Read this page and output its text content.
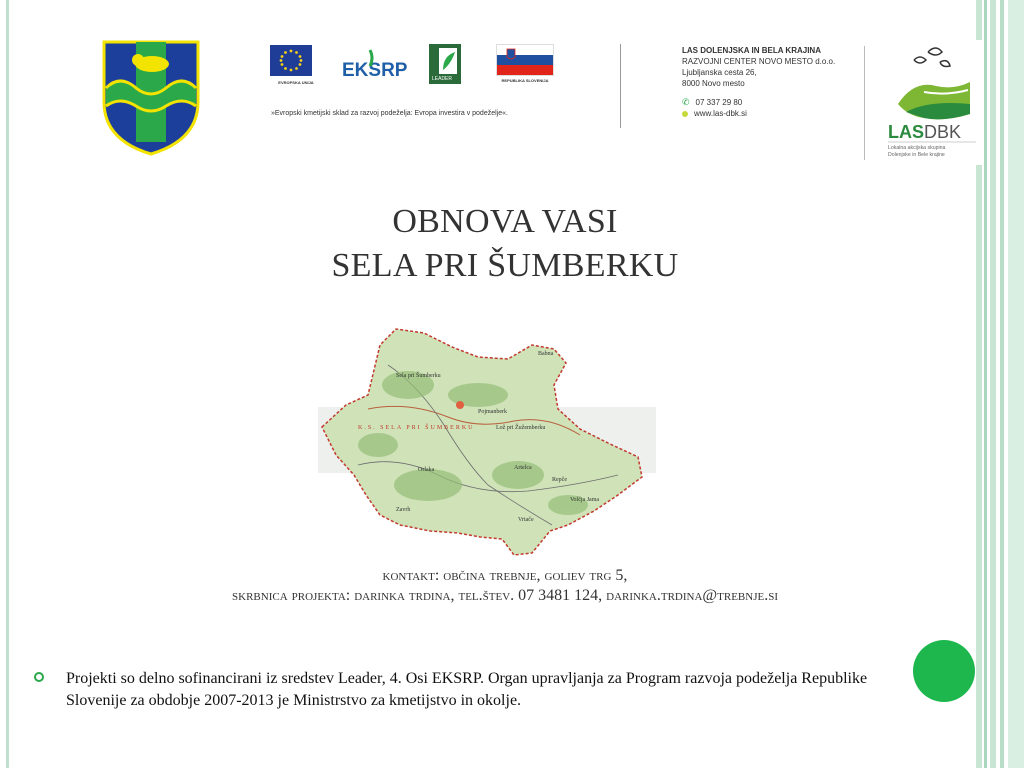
EVROPSKA UNIJA
EKSRP	LEADER	REPUBLIKA SLOVENIJA
»Evropski kmetijski sklad za razvoj podeželja: Evropa investira v podeželje«.
LAS DOLENJSKA IN BELA KRAJINA
RAZVOJNI CENTER NOVO MESTO d.o.o.
Ljubljanska cesta 26,
8000 Novo mesto
✆ 07 337 29 80
www.las-dbk.si
LAS DBK
Lokalna akcijska skupina
Dolenjske in Bele krajine
OBNOVA VASI
SELA PRI ŠUMBERKU
K.S. SELA PRI ŠUMBERKU
Sela pri Šumberku
Pojmanberk
Lož pri Žužemberku
Orlaka	Artelca
Repče
Volčja Jama
Vrtače
Zavrh
Babna
kontakt: občina trebnje, goliev trg 5,
skrbnica projekta: darinka trdina, tel.štev. 07 3481 124, darinka.trdina@trebnje.si
Projekti so delno sofinancirani iz sredstev Leader, 4. Osi EKSRP. Organ upravljanja za Program razvoja podeželja Republike Slovenije za obdobje 2007-2013 je Ministrstvo za kmetijstvo in okolje.
